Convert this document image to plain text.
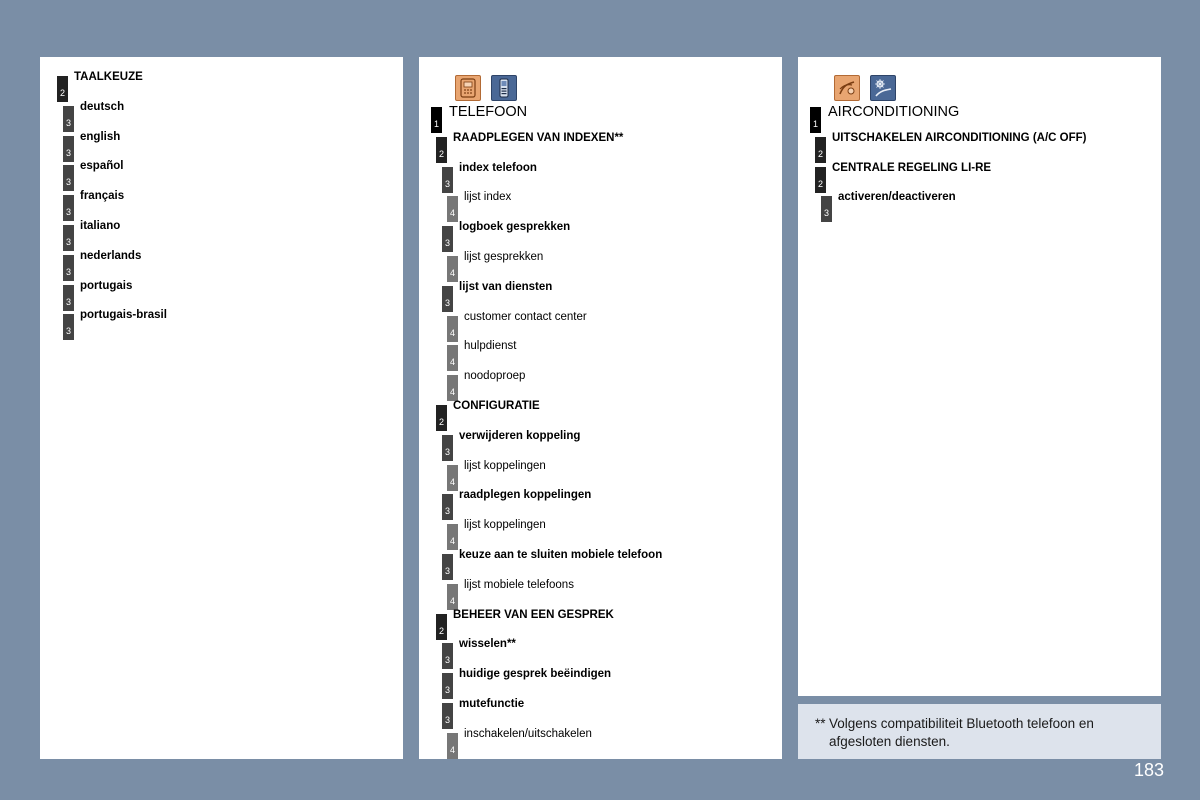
2
TAALKEUZE
3
deutsch
3
english
3
español
3
français
3
italiano
3
nederlands
3
portugais
3
portugais-brasil
1
TELEFOON
2
RAADPLEGEN VAN INDEXEN**
3
index telefoon
4
lijst index
3
logboek gesprekken
4
lijst gesprekken
3
lijst van diensten
4
customer contact center
4
hulpdienst
4
noodoproep
2
CONFIGURATIE
3
verwijderen koppeling
4
lijst koppelingen
3
raadplegen koppelingen
4
lijst koppelingen
3
keuze aan te sluiten mobiele telefoon
4
lijst mobiele telefoons
2
BEHEER VAN EEN GESPREK
3
wisselen**
3
huidige gesprek beëindigen
3
mutefunctie
4
inschakelen/uitschakelen
1
AIRCONDITIONING
2
UITSCHAKELEN AIRCONDITIONING (A/C OFF)
2
CENTRALE REGELING LI-RE
3
activeren/deactiveren
** Volgens compatibiliteit Bluetooth telefoon en afgesloten diensten.
183
